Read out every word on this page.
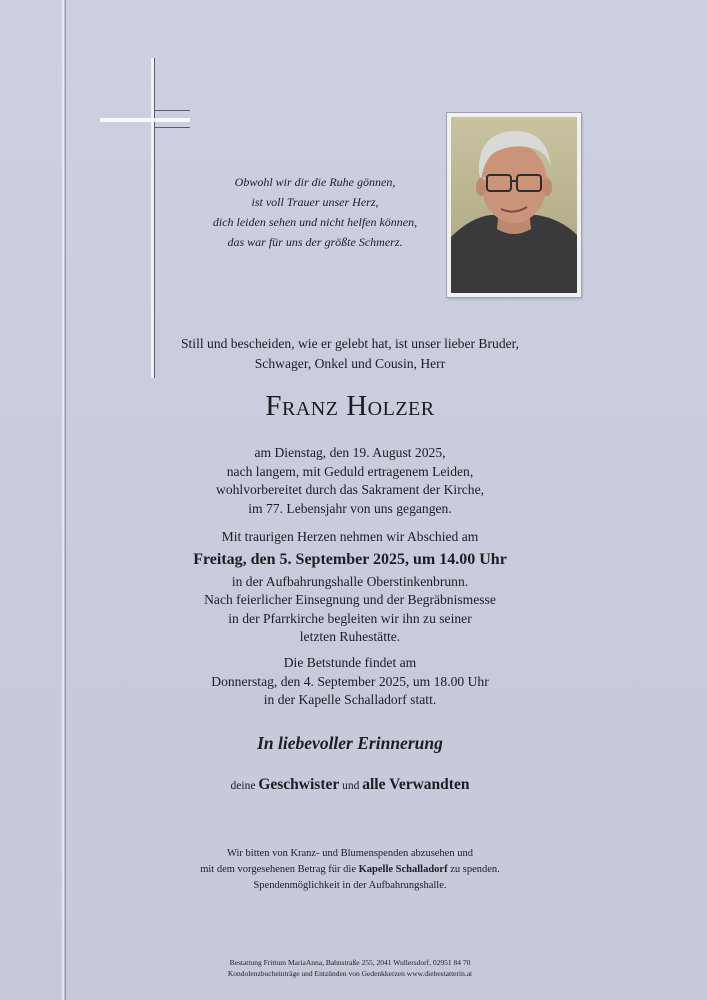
Obwohl wir dir die Ruhe gönnen,
ist voll Trauer unser Herz,
dich leiden sehen und nicht helfen können,
das war für uns der größte Schmerz.
Still und bescheiden, wie er gelebt hat, ist unser lieber Bruder,
Schwager, Onkel und Cousin, Herr
Franz Holzer
am Dienstag, den 19. August 2025,
nach langem, mit Geduld ertragenem Leiden,
wohlvorbereitet durch das Sakrament der Kirche,
im 77. Lebensjahr von uns gegangen.
Mit traurigen Herzen nehmen wir Abschied am
Freitag, den 5. September 2025, um 14.00 Uhr
in der Aufbahrungshalle Oberstinkenbrunn.
Nach feierlicher Einsegnung und der Begräbnismesse
in der Pfarrkirche begleiten wir ihn zu seiner
letzten Ruhestätte.
Die Betstunde findet am
Donnerstag, den 4. September 2025, um 18.00 Uhr
in der Kapelle Schalladorf statt.
In liebevoller Erinnerung
deine Geschwister und alle Verwandten
Wir bitten von Kranz- und Blumenspenden abzusehen und
mit dem vorgesehenen Betrag für die Kapelle Schalladorf zu spenden.
Spendenmöglichkeit in der Aufbahrungshalle.
Bestattung Frittum MariaAnna, Bahnstraße 255, 2041 Wullersdorf, 02951 84 70
Kondolenzbucheinträge und Entzünden von Gedenkkerzen www.diebestatterin.at
